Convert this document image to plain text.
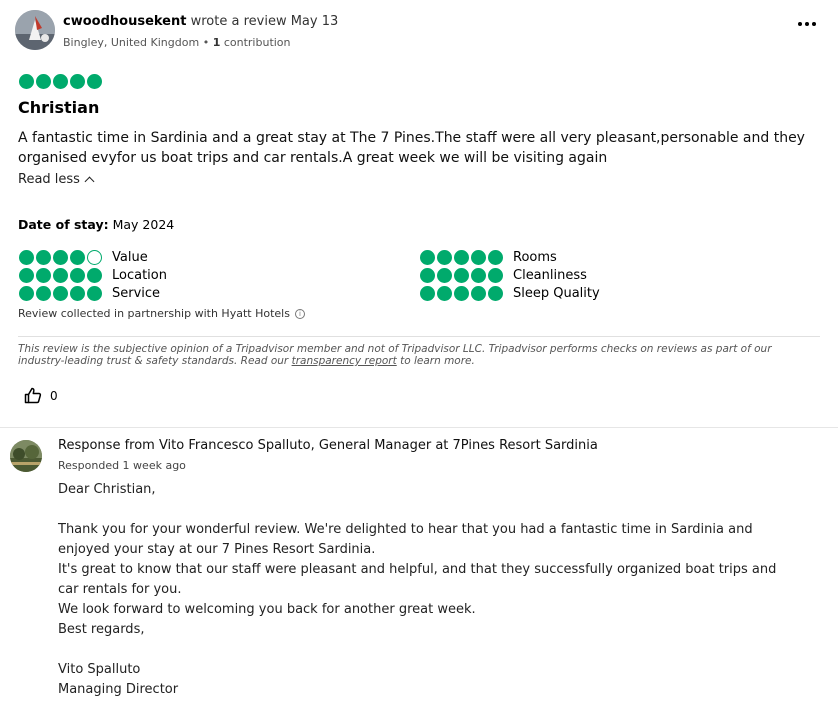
cwoodhousekent wrote a review May 13
Bingley, United Kingdom • 1 contribution
Christian
A fantastic time in Sardinia and a great stay at The 7 Pines.The staff were all very pleasant,personable and they organised evyfor us boat trips and car rentals.A great week we will be visiting again
Read less
Date of stay: May 2024
Value
Location
Service
Rooms
Cleanliness
Sleep Quality
Review collected in partnership with Hyatt Hotels	i
This review is the subjective opinion of a Tripadvisor member and not of Tripadvisor LLC. Tripadvisor performs checks on reviews as part of our industry-leading trust & safety standards. Read our transparency report to learn more.
0
Response from Vito Francesco Spalluto, General Manager at 7Pines Resort Sardinia
Responded 1 week ago

Dear Christian,

Thank you for your wonderful review. We're delighted to hear that you had a fantastic time in Sardinia and enjoyed your stay at our 7 Pines Resort Sardinia.

It's great to know that our staff were pleasant and helpful, and that they successfully organized boat trips and car rentals for you.

We look forward to welcoming you back for another great week.

Best regards,

Vito Spalluto

Managing Director
